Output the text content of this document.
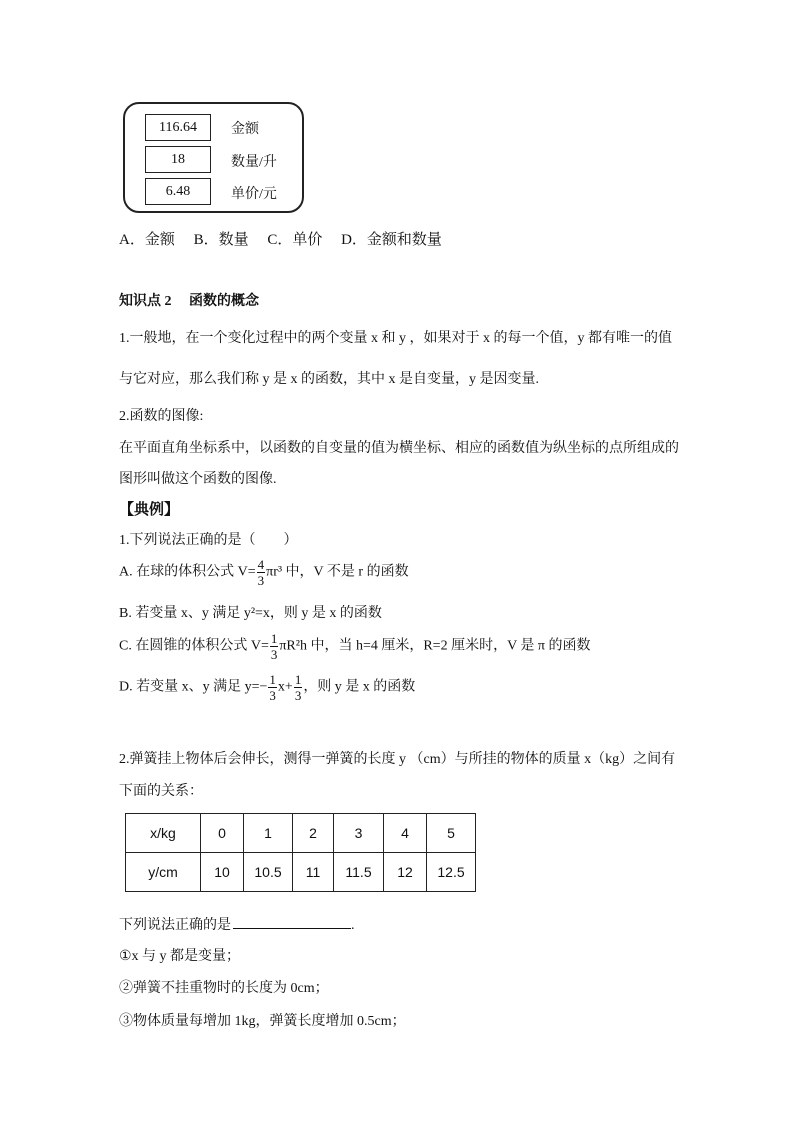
116.64	金额
18	数量/升
6.48	单价/元
A．金额　 B．数量　 C．单价　 D．金额和数量
知识点 2　 函数的概念
1.一般地，在一个变化过程中的两个变量 x 和 y ，如果对于 x 的每一个值，y 都有唯一的值
与它对应，那么我们称 y 是 x 的函数，其中 x 是自变量，y 是因变量.
2.函数的图像:
在平面直角坐标系中，以函数的自变量的值为横坐标、相应的函数值为纵坐标的点所组成的
图形叫做这个函数的图像.
【典例】
1.下列说法正确的是（　　）
A. 在球的体积公式 $V= \frac{4}{3} \pi r^3$ 中，V 不是 r 的函数
B. 若变量 x、y 满足 y²=x，则 y 是 x 的函数
C. 在圆锥的体积公式 $V= \frac{1}{3} \pi R^2h$ 中，当 h=4 厘米，R=2 厘米时，V 是 π 的函数
D. 若变量 x、y 满足 $y=- \frac{1}{3} x+ \frac{1}{3}$ ，则 y 是 x 的函数
2.弹簧挂上物体后会伸长，测得一弹簧的长度 y （cm）与所挂的物体的质量 x（kg）之间有
下面的关系：
x/kg	0	1	2	3	4	5
y/cm	10	10.5	11	11.5	12	12.5
下列说法正确的是	.
①x 与 y 都是变量；
②弹簧不挂重物时的长度为 0cm；
③物体质量每增加 1kg，弹簧长度增加 0.5cm；
